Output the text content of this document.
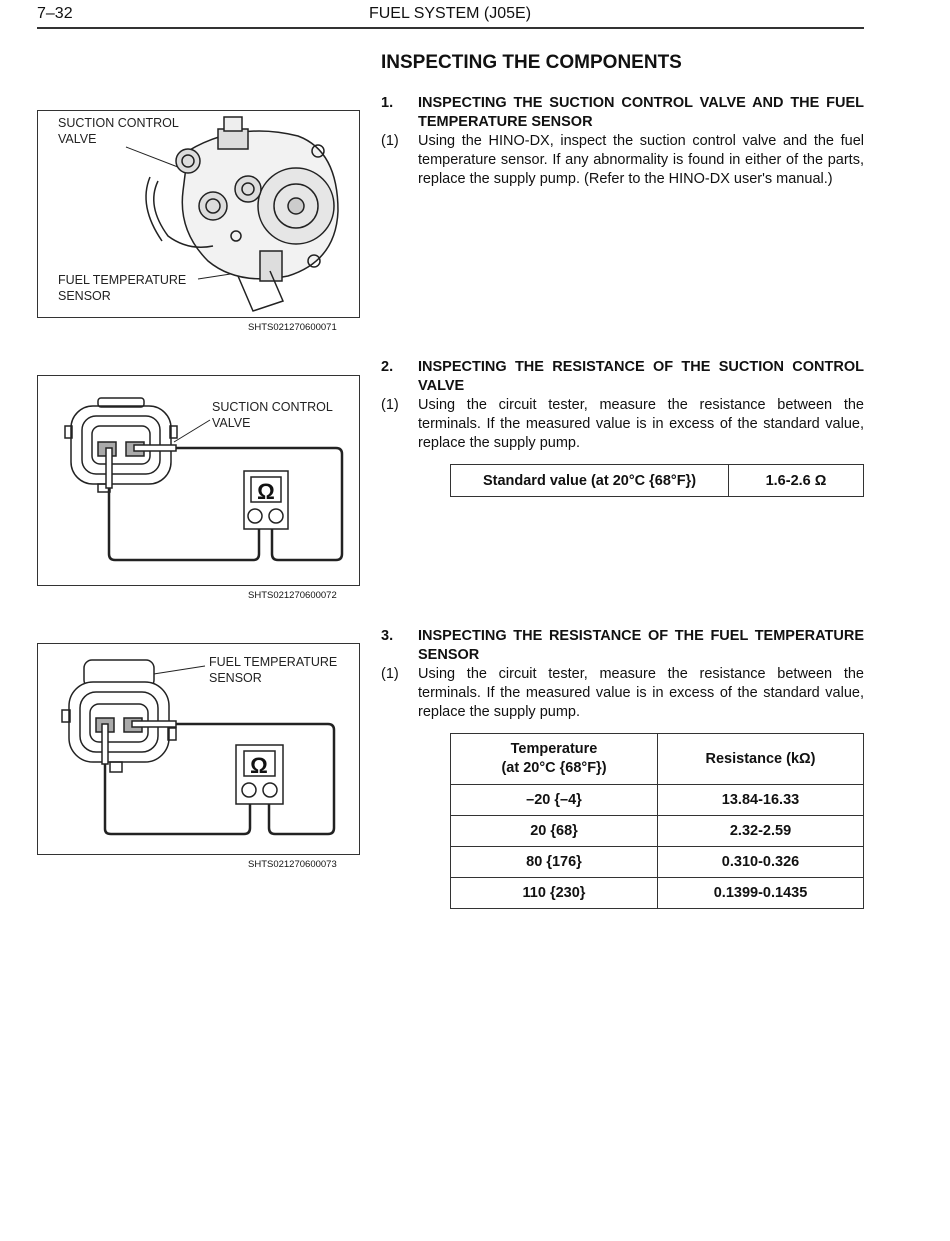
7–32	FUEL SYSTEM (J05E)
INSPECTING THE COMPONENTS
SUCTION CONTROL
VALVE
FUEL TEMPERATURE
SENSOR
SHTS021270600071
SUCTION CONTROL
VALVE
Ω
SHTS021270600072
FUEL TEMPERATURE
SENSOR
Ω
SHTS021270600073
1. INSPECTING THE SUCTION CONTROL VALVE AND THE FUEL TEMPERATURE SENSOR
(1) Using the HINO-DX, inspect the suction control valve and the fuel temperature sensor. If any abnormality is found in either of the parts, replace the supply pump. (Refer to the HINO-DX user's manual.)
2. INSPECTING THE RESISTANCE OF THE SUCTION CONTROL VALVE
(1) Using the circuit tester, measure the resistance between the terminals. If the measured value is in excess of the standard value, replace the supply pump.
Standard value (at 20°C {68°F})	1.6-2.6 Ω
3. INSPECTING THE RESISTANCE OF THE FUEL TEMPERATURE SENSOR
(1) Using the circuit tester, measure the resistance between the terminals. If the measured value is in excess of the standard value, replace the supply pump.
Temperature
(at 20°C {68°F})	Resistance (kΩ)
–20 {–4}	13.84-16.33
20 {68}	2.32-2.59
80 {176}	0.310-0.326
110 {230}	0.1399-0.1435
